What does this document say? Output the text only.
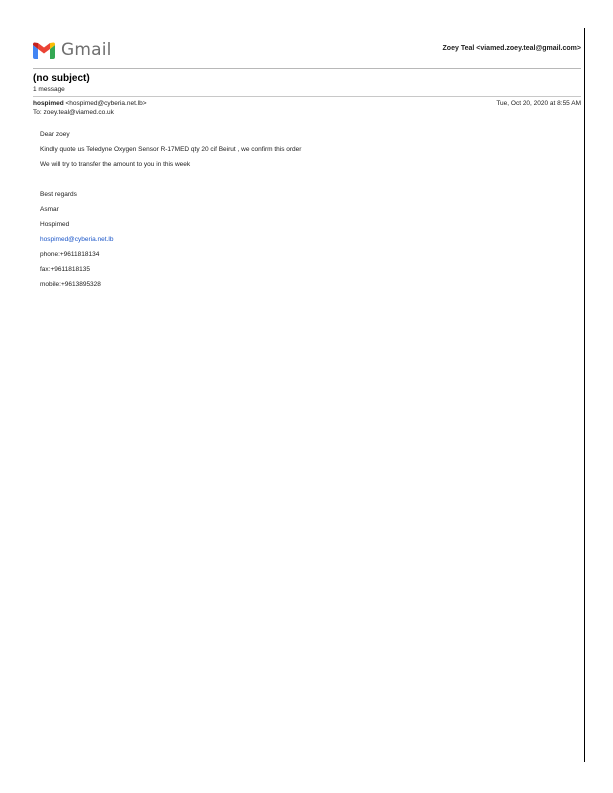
Gmail	Zoey Teal <viamed.zoey.teal@gmail.com>
(no subject)
1 message
hospimed <hospimed@cyberia.net.lb>	Tue, Oct 20, 2020 at 8:55 AM
To: zoey.teal@viamed.co.uk
Dear zoey
Kindly quote us Teledyne Oxygen Sensor R-17MED qty 20 cif Beirut , we confirm this order
We will try to transfer the amount to you in this week
Best regards
Asmar
Hospimed
hospimed@cyberia.net.lb
phone:+9611818134
fax:+9611818135
mobile:+9613895328
